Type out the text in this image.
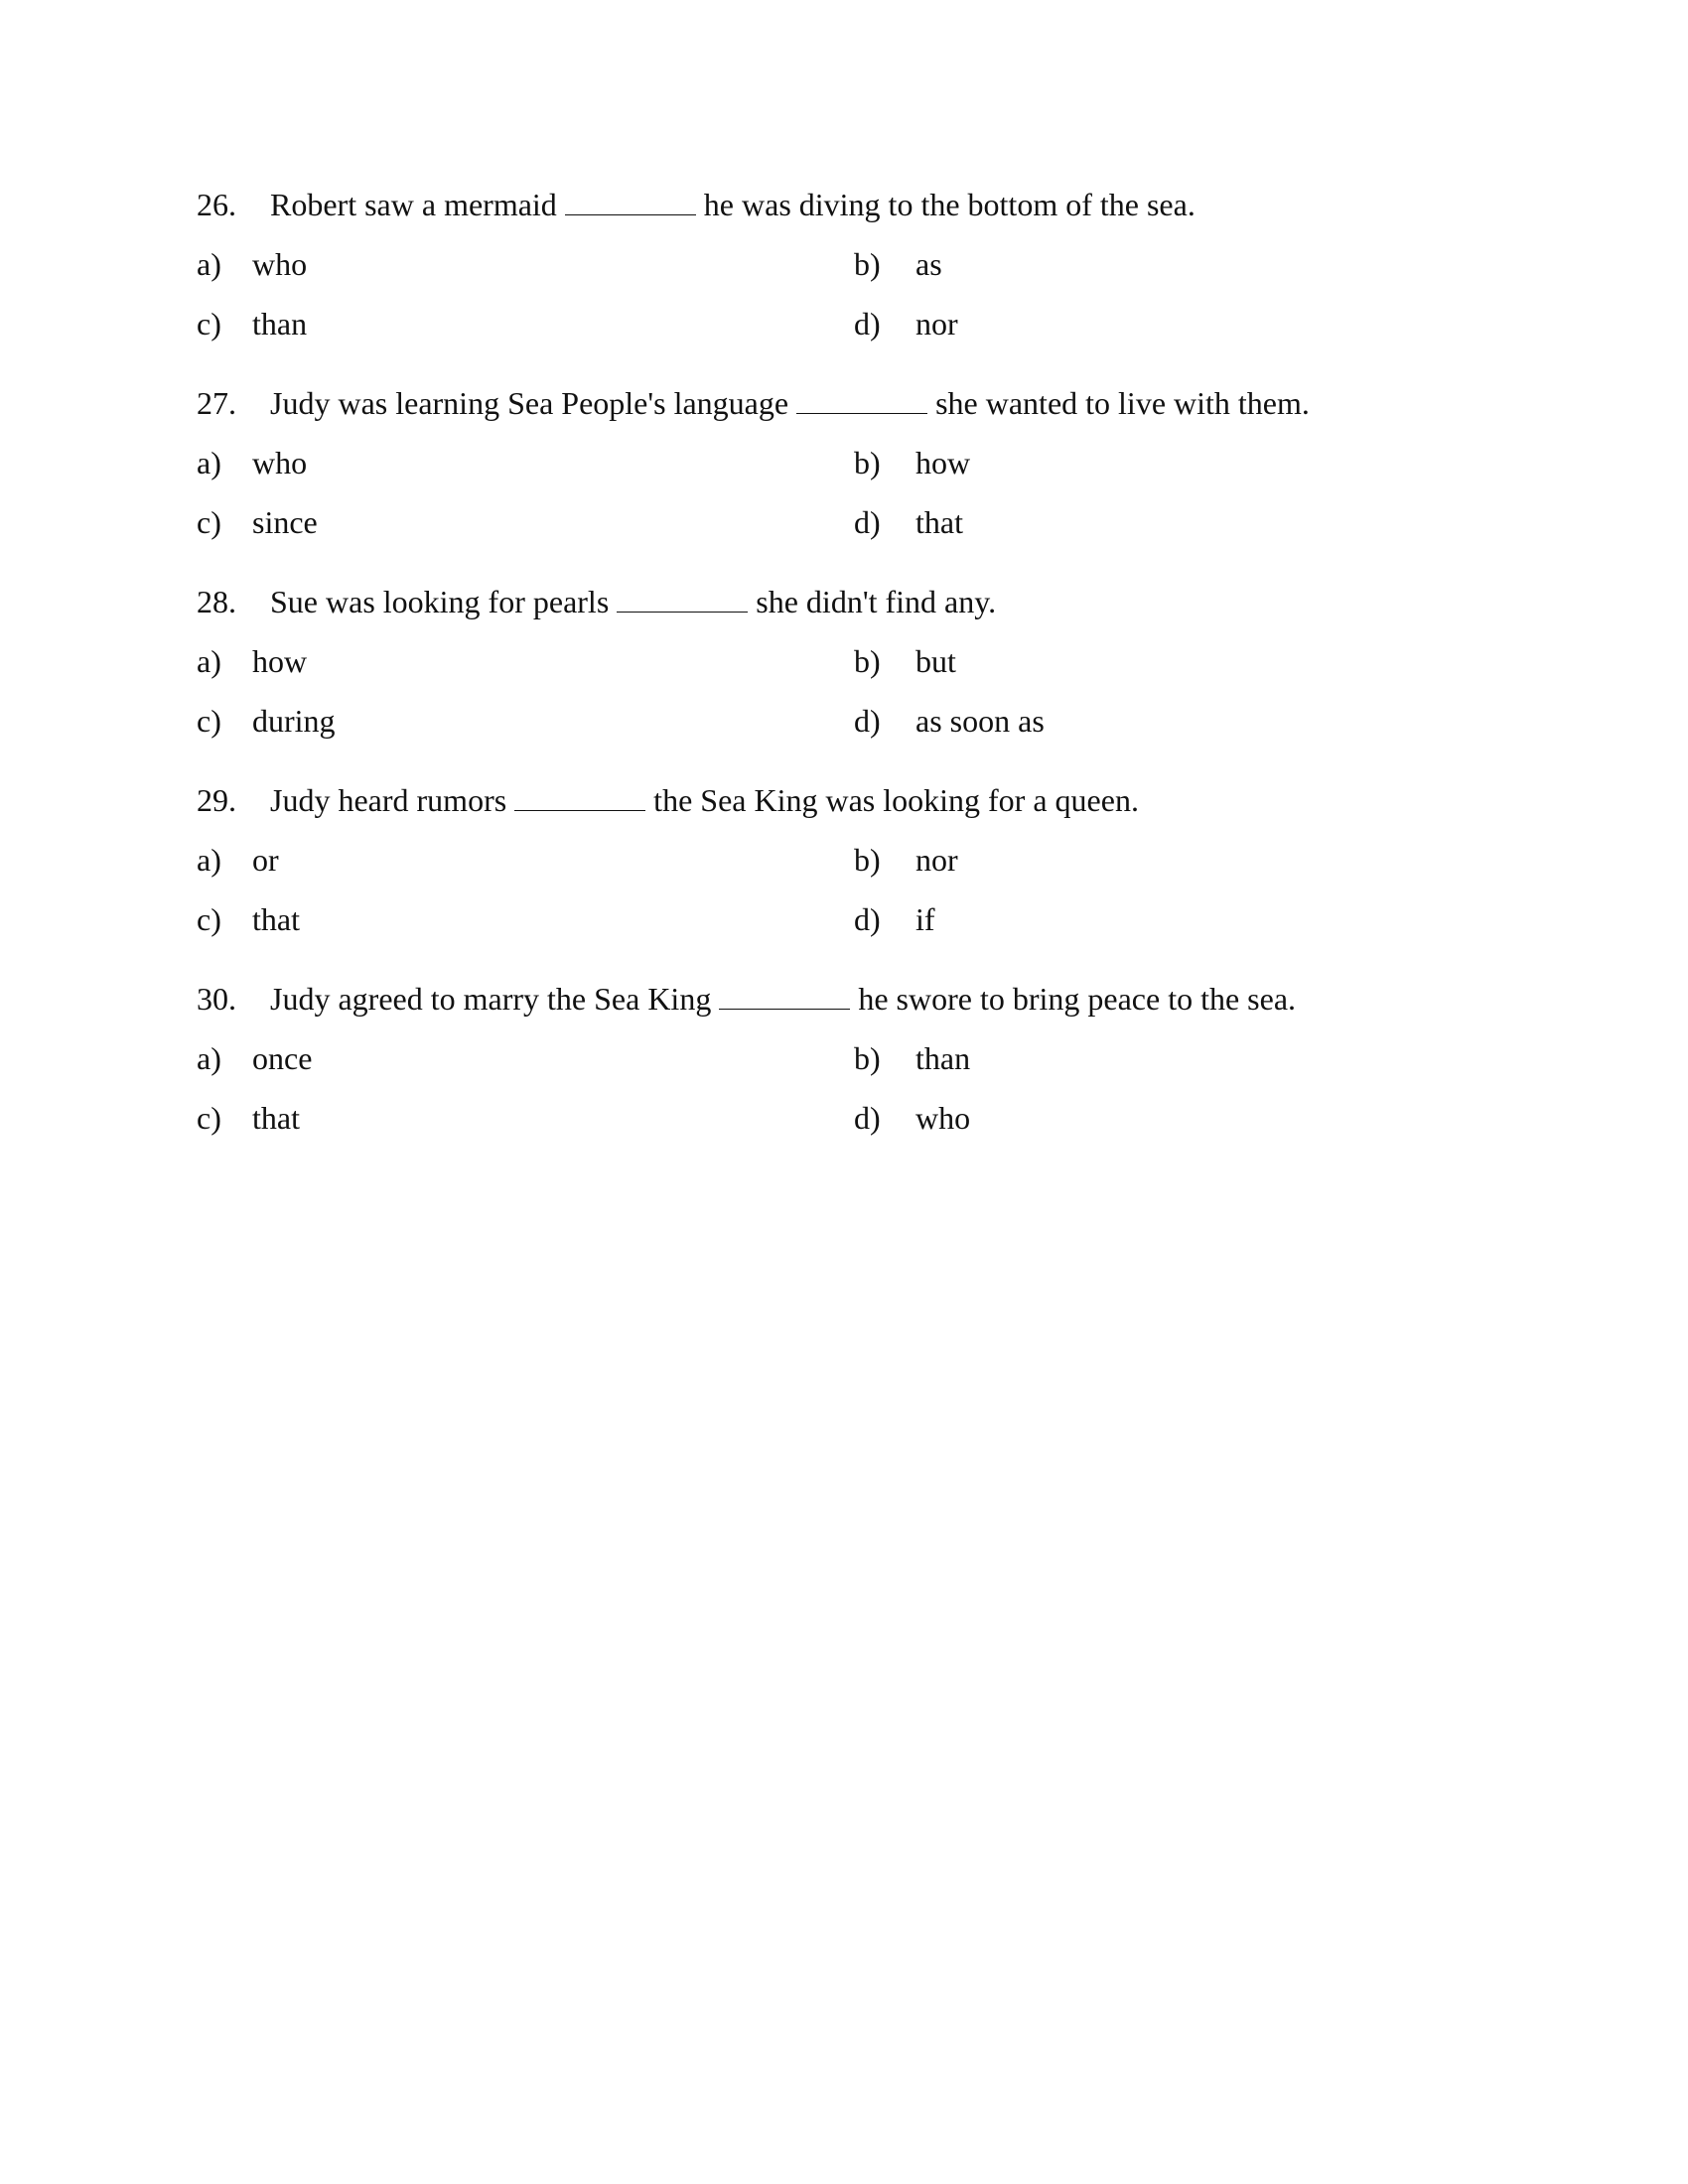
26. Robert saw a mermaid	he was diving to the bottom of the sea.
a) who	b) as
c) than	d) nor
27. Judy was learning Sea People's language	she wanted to live with them.
a) who	b) how
c) since	d) that
28. Sue was looking for pearls	she didn't find any.
a) how	b) but
c) during	d) as soon as
29. Judy heard rumors	the Sea King was looking for a queen.
a) or	b) nor
c) that	d) if
30. Judy agreed to marry the Sea King	he swore to bring peace to the sea.
a) once	b) than
c) that	d) who
